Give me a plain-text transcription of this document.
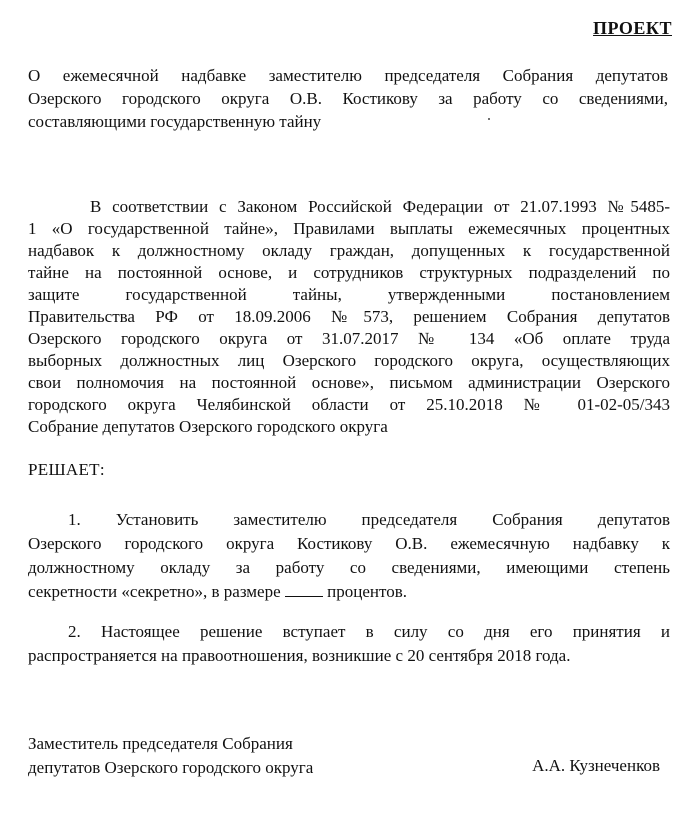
ПРОЕКТ
О ежемесячной надбавке заместителю председателя Собрания депутатов
Озерского городского округа О.В. Костикову за работу со сведениями,
составляющими государственную тайну
В соответствии с Законом Российской Федерации от 21.07.1993 №5485-
1 «О государственной тайне», Правилами выплаты ежемесячных процентных
надбавок к должностному окладу граждан, допущенных к государственной
тайне на постоянной основе, и сотрудников структурных подразделений по
защите государственной тайны, утвержденными постановлением
Правительства РФ от 18.09.2006 №573, решением Собрания депутатов
Озерского городского округа от 31.07.2017 № 134 «Об оплате труда
выборных должностных лиц Озерского городского округа, осуществляющих
свои полномочия на постоянной основе», письмом администрации Озерского
городского округа Челябинской области от 25.10.2018 № 01-02-05/343
Собрание депутатов Озерского городского округа
РЕШАЕТ:
1. Установить заместителю председателя Собрания депутатов
Озерского городского округа Костикову О.В. ежемесячную надбавку к
должностному окладу за работу со сведениями, имеющими степень
секретности «секретно», в размере  процентов.
2. Настоящее решение вступает в силу со дня его принятия и
распространяется на правоотношения, возникшие с 20 сентября 2018 года.
Заместитель председателя Собрания
депутатов Озерского городского округа	А.А. Кузнеченков
